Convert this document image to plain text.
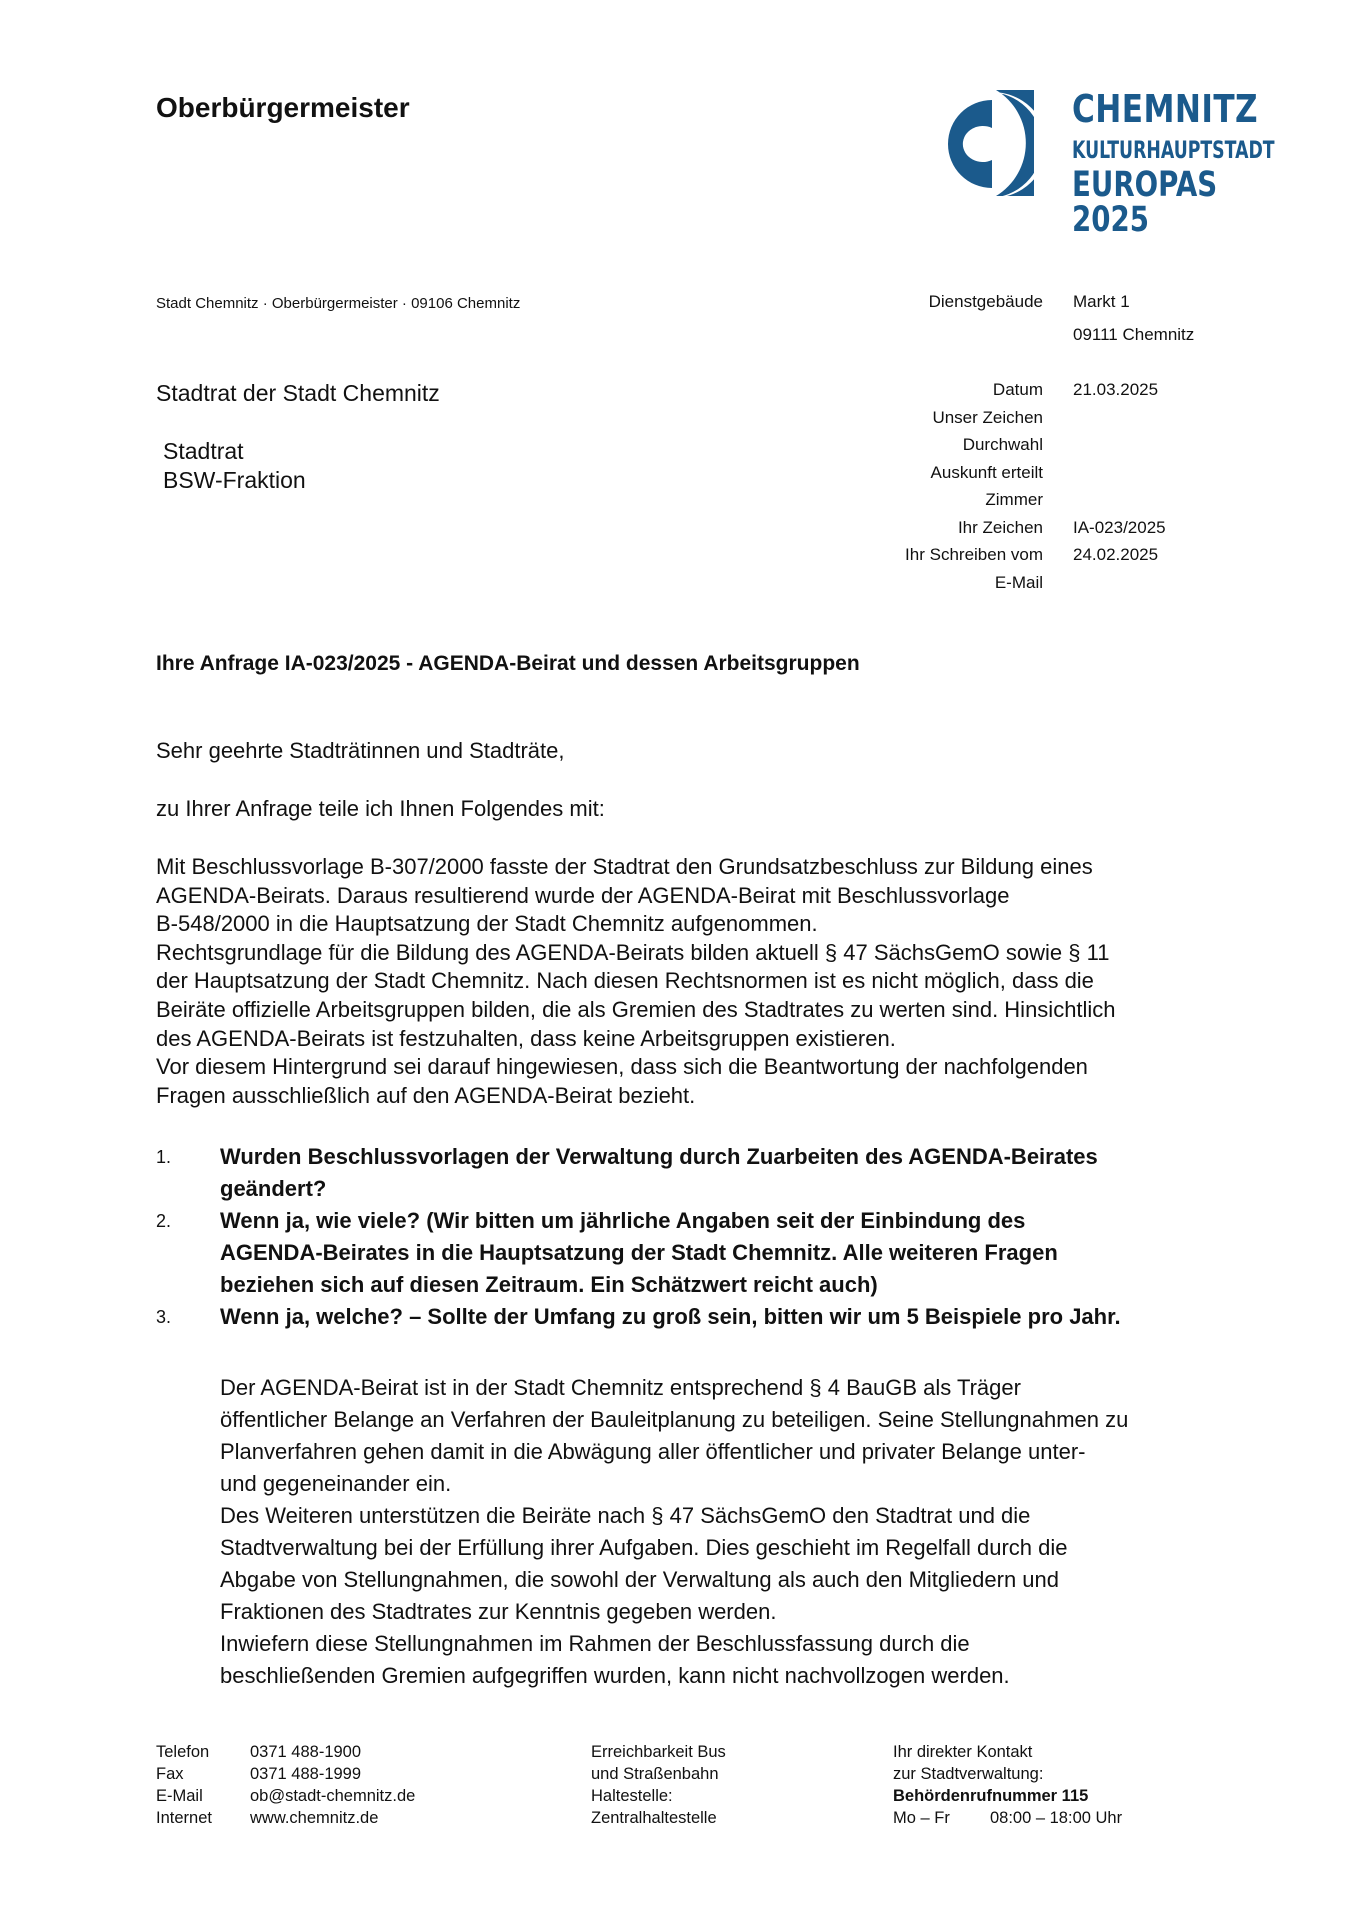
Oberbürgermeister	CHEMNITZ
KULTURHAUPTSTADT
EUROPAS 2025
Stadt Chemnitz · Oberbürgermeister · 09106 Chemnitz
Stadtrat der Stadt Chemnitz
Stadtrat
BSW-Fraktion
Dienstgebäude Markt 1
09111 Chemnitz
Datum 21.03.2025
Unser Zeichen
Durchwahl
Auskunft erteilt
Zimmer
Ihr Zeichen IA-023/2025
Ihr Schreiben vom 24.02.2025
E-Mail
Ihre Anfrage IA-023/2025 - AGENDA-Beirat und dessen Arbeitsgruppen
Sehr geehrte Stadträtinnen und Stadträte,
zu Ihrer Anfrage teile ich Ihnen Folgendes mit:
Mit Beschlussvorlage B-307/2000 fasste der Stadtrat den Grundsatzbeschluss zur Bildung eines
AGENDA-Beirats. Daraus resultierend wurde der AGENDA-Beirat mit Beschlussvorlage
B-548/2000 in die Hauptsatzung der Stadt Chemnitz aufgenommen.
Rechtsgrundlage für die Bildung des AGENDA-Beirats bilden aktuell § 47 SächsGemO sowie § 11
der Hauptsatzung der Stadt Chemnitz. Nach diesen Rechtsnormen ist es nicht möglich, dass die
Beiräte offizielle Arbeitsgruppen bilden, die als Gremien des Stadtrates zu werten sind. Hinsichtlich
des AGENDA-Beirats ist festzuhalten, dass keine Arbeitsgruppen existieren.
Vor diesem Hintergrund sei darauf hingewiesen, dass sich die Beantwortung der nachfolgenden
Fragen ausschließlich auf den AGENDA-Beirat bezieht.
1. Wurden Beschlussvorlagen der Verwaltung durch Zuarbeiten des AGENDA-Beirates
geändert?
2. Wenn ja, wie viele? (Wir bitten um jährliche Angaben seit der Einbindung des
AGENDA-Beirates in die Hauptsatzung der Stadt Chemnitz. Alle weiteren Fragen
beziehen sich auf diesen Zeitraum. Ein Schätzwert reicht auch)
3. Wenn ja, welche? – Sollte der Umfang zu groß sein, bitten wir um 5 Beispiele pro Jahr.
Der AGENDA-Beirat ist in der Stadt Chemnitz entsprechend § 4 BauGB als Träger
öffentlicher Belange an Verfahren der Bauleitplanung zu beteiligen. Seine Stellungnahmen zu
Planverfahren gehen damit in die Abwägung aller öffentlicher und privater Belange unter-
und gegeneinander ein.
Des Weiteren unterstützen die Beiräte nach § 47 SächsGemO den Stadtrat und die
Stadtverwaltung bei der Erfüllung ihrer Aufgaben. Dies geschieht im Regelfall durch die
Abgabe von Stellungnahmen, die sowohl der Verwaltung als auch den Mitgliedern und
Fraktionen des Stadtrates zur Kenntnis gegeben werden.
Inwiefern diese Stellungnahmen im Rahmen der Beschlussfassung durch die
beschließenden Gremien aufgegriffen wurden, kann nicht nachvollzogen werden.
Telefon 0371 488-1900
Fax	0371 488-1999
E-Mail	ob@stadt-chemnitz.de
Internet www.chemnitz.de
Erreichbarkeit Bus
und Straßenbahn
Haltestelle:
Zentralhaltestelle
Ihr direkter Kontakt
zur Stadtverwaltung:
Behördenrufnummer 115
Mo – Fr 08:00 – 18:00 Uhr
